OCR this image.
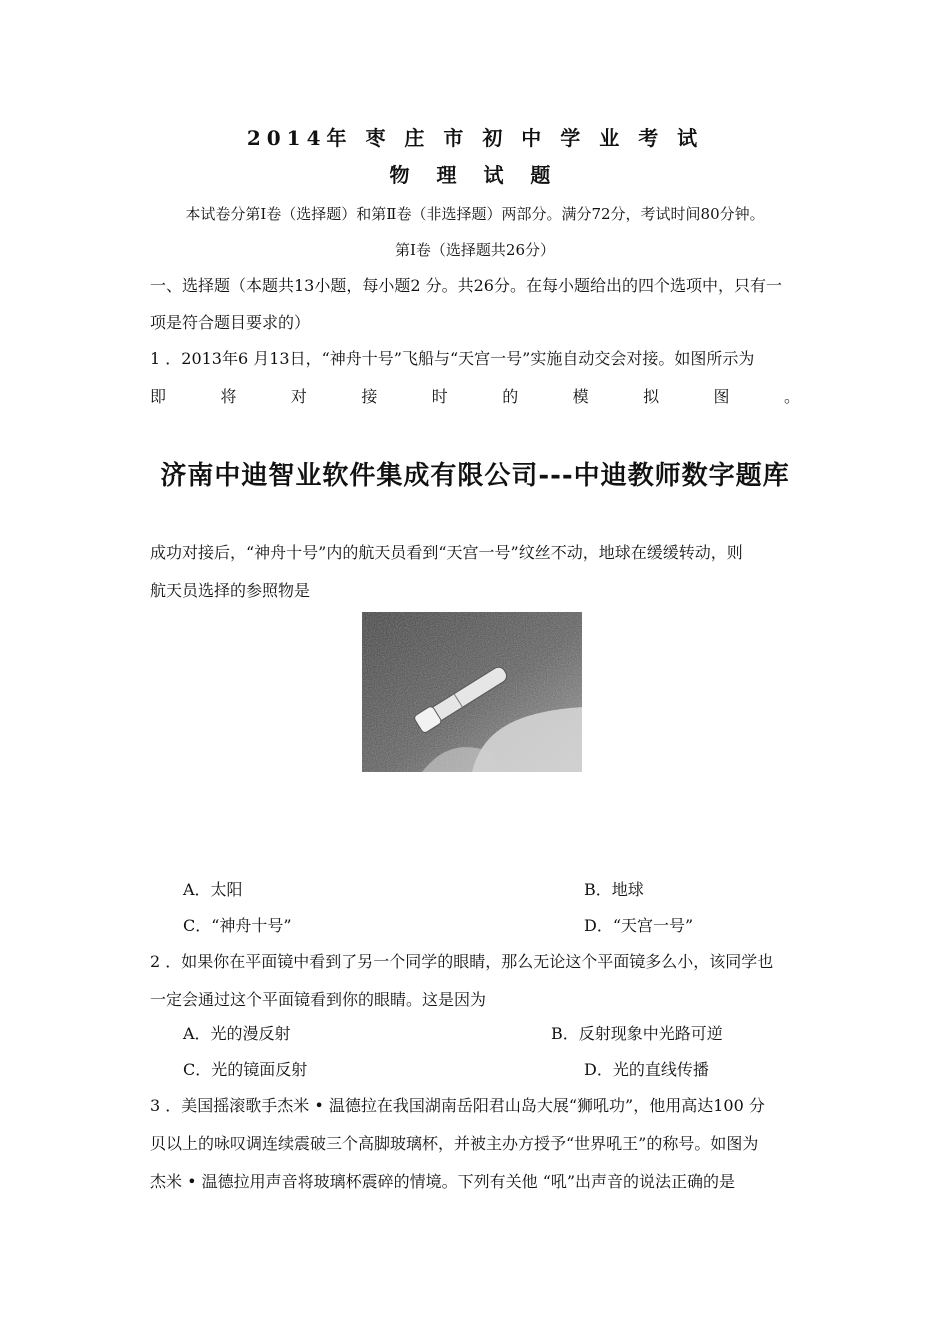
2014年 枣 庄 市 初 中 学 业 考 试
物 理 试 题
本试卷分第Ⅰ卷（选择题）和第Ⅱ卷（非选择题）两部分。满分72分，考试时间80分钟。
第Ⅰ卷（选择题共26分）
一、选择题（本题共13小题，每小题2 分。共26分。在每小题给出的四个选项中，只有一
项是符合题目要求的）
1 ．2013年6 月13日，“神舟十号”飞船与“天宫一号”实施自动交会对接。如图所示为
即	将	对	接	时	的	模	拟	图	。
济南中迪智业软件集成有限公司---中迪教师数字题库
成功对接后，“神舟十号”内的航天员看到“天宫一号”纹丝不动，地球在缓缓转动，则
航天员选择的参照物是
A．太阳	B．地球
C．“神舟十号”	D．“天宫一号”
2 ．如果你在平面镜中看到了另一个同学的眼睛，那么无论这个平面镜多么小，该同学也
一定会通过这个平面镜看到你的眼睛。这是因为
A．光的漫反射	B．反射现象中光路可逆
C．光的镜面反射	D．光的直线传播
3 ．美国摇滚歌手杰米 • 温德拉在我国湖南岳阳君山岛大展“狮吼功”，他用高达100 分
贝以上的咏叹调连续震破三个高脚玻璃杯，并被主办方授予“世界吼王”的称号。如图为
杰米 • 温德拉用声音将玻璃杯震碎的情境。下列有关他 “吼”出声音的说法正确的是
